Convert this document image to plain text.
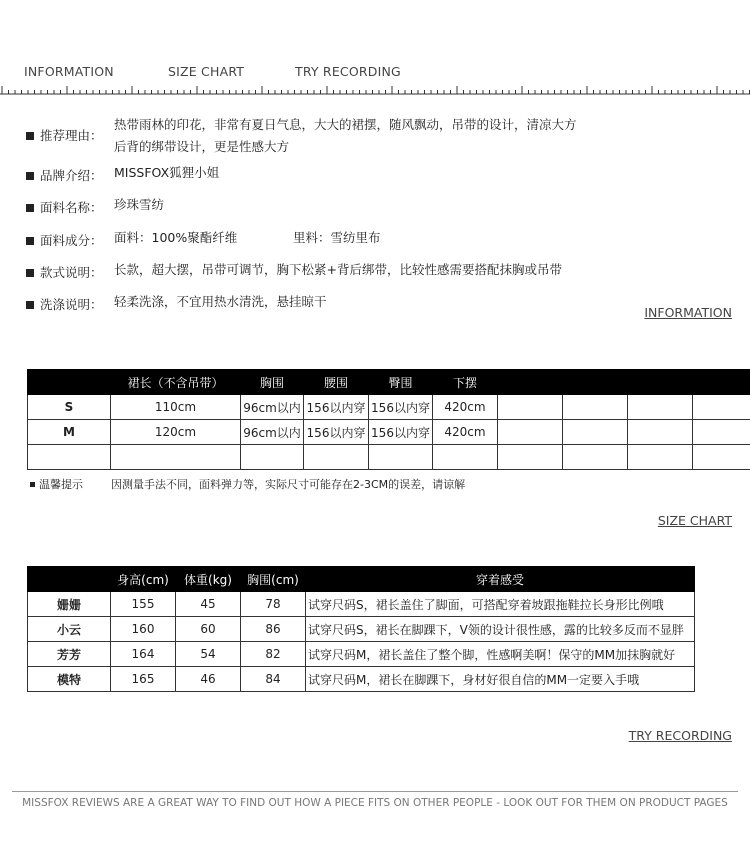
INFORMATION	SIZE CHART	TRY RECORDING
推荐理由：
热带雨林的印花，非常有夏日气息，大大的裙摆，随风飘动，吊带的设计，清凉大方
后背的绑带设计，更是性感大方
品牌介绍： MISSFOX狐狸小姐
面料名称： 珍珠雪纺
面料成分： 面料：100%聚酯纤维	里料：雪纺里布
款式说明： 长款，超大摆，吊带可调节，胸下松紧+背后绑带，比较性感需要搭配抹胸或吊带
洗涤说明： 轻柔洗涤，不宜用热水清洗，悬挂晾干
INFORMATION
	裙长（不含吊带）	胸围	腰围	臀围	下摆				
S	110cm	96cm以内	156以内穿	156以内穿	420cm				
M	120cm	96cm以内	156以内穿	156以内穿	420cm				

温馨提示	因测量手法不同，面料弹力等，实际尺寸可能存在2-3CM的误差，请谅解
SIZE CHART
	身高(cm)	体重(kg)	胸围(cm)	穿着感受
姗姗	155	45	78	试穿尺码S，裙长盖住了脚面，可搭配穿着坡跟拖鞋拉长身形比例哦
小云	160	60	86	试穿尺码S，裙长在脚踝下，V领的设计很性感，露的比较多反而不显胖
芳芳	164	54	82	试穿尺码M，裙长盖住了整个脚，性感啊美啊！保守的MM加抹胸就好
模特	165	46	84	试穿尺码M，裙长在脚踝下，身材好很自信的MM一定要入手哦
TRY RECORDING
MISSFOX REVIEWS ARE A GREAT WAY TO FIND OUT HOW A PIECE FITS ON OTHER PEOPLE - LOOK OUT FOR THEM ON PRODUCT PAGES
